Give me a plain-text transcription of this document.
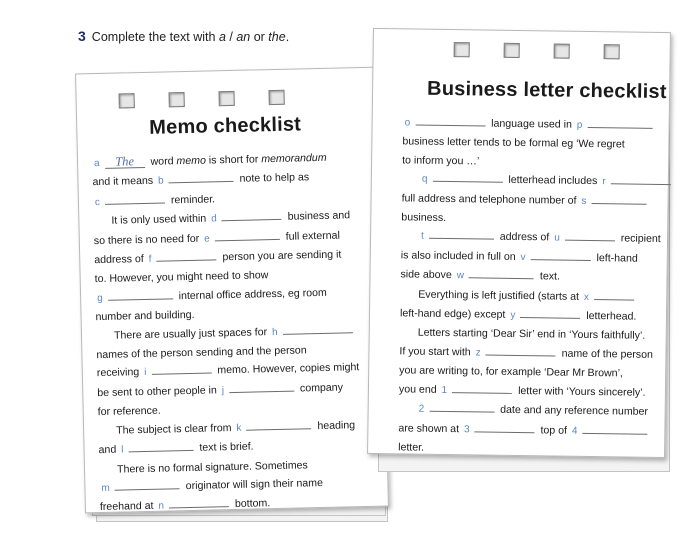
3 Complete the text with a / an or the.
Memo checklist
a The word memo is short for memorandum
and it means b	note to help as
c	reminder.
It is only used within d	business and
so there is no need for e	full external
address of f	person you are sending it
to. However, you might need to show
g	internal office address, eg room
number and building.
There are usually just spaces for h
names of the person sending and the person
receiving i	memo. However, copies might
be sent to other people in j	company
for reference.
The subject is clear from k	heading
and l	text is brief.
There is no formal signature. Sometimes
m	originator will sign their name
freehand at n	bottom.
Business letter checklist
o	language used in p
business letter tends to be formal eg ‘We regret
to inform you …’
q	letterhead includes r
full address and telephone number of s
business.
t	address of u	recipient
is also included in full on v	left-hand
side above w	text.
Everything is left justified (starts at x
left-hand edge) except y	letterhead.
Letters starting ‘Dear Sir’ end in ‘Yours faithfully’.
If you start with z	name of the person
you are writing to, for example ‘Dear Mr Brown’,
you end 1	letter with ‘Yours sincerely’.
2	date and any reference number
are shown at 3	top of 4
letter.
